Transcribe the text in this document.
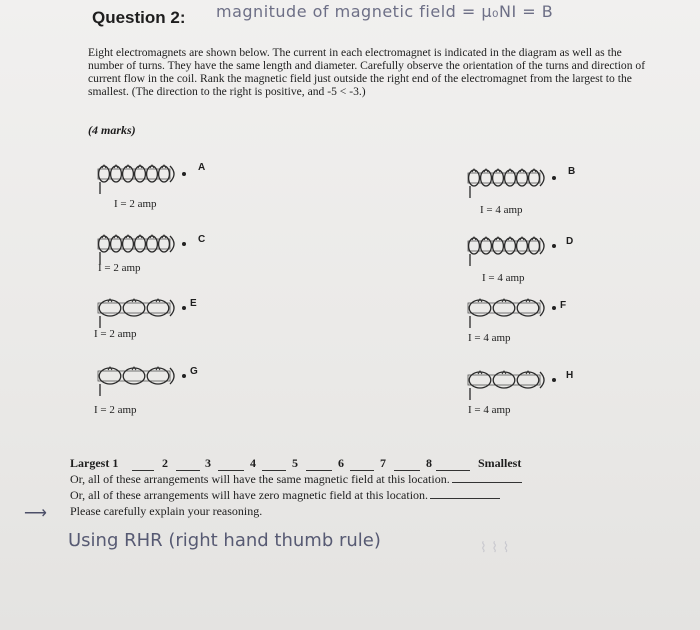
Question 2: magnitude of magnetic field = μ₀NI = B
Eight electromagnets are shown below. The current in each electromagnet is indicated in the diagram as well as the number of turns. They have the same length and diameter. Carefully observe the orientation of the turns and direction of current flow in the coil. Rank the magnetic field just outside the right end of the electromagnet from the largest to the smallest. (The direction to the right is positive, and -5 < -3.)
(4 marks)
A
I = 2 amp
B
I = 4 amp
C
I = 2 amp
D
I = 4 amp
E
I = 2 amp
F
I = 4 amp
G
I = 2 amp
H
I = 4 amp
Largest 1	2	3	4	5	6	7	8	Smallest
Or, all of these arrangements will have the same magnetic field at this location.
Or, all of these arrangements will have zero magnetic field at this location.
⟶ Please carefully explain your reasoning.
Using RHR (right hand thumb rule)	⌇ ⌇ ⌇
